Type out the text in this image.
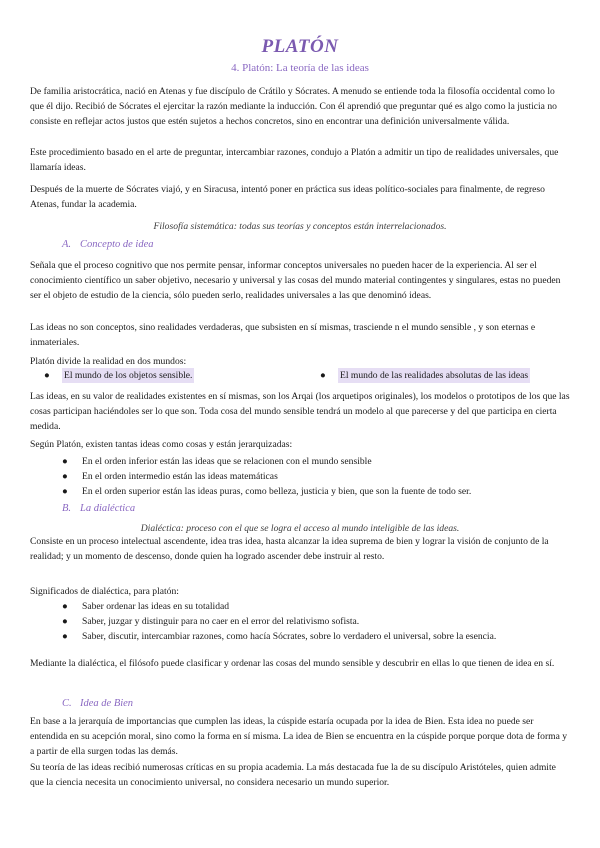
PLATÓN
4. Platón: La teoría de las ideas

De familia aristocrática, nació en Atenas y fue discípulo de Crátilo y Sócrates. A menudo se entiende toda la filosofía occidental como lo que él dijo. Recibió de Sócrates el ejercitar la razón mediante la inducción. Con él aprendió que preguntar qué es algo como la justicia no consiste en reflejar actos justos que estén sujetos a hechos concretos, sino en encontrar una definición universalmente válida.

Este procedimiento basado en el arte de preguntar, intercambiar razones, condujo a Platón a admitir un tipo de realidades universales, que llamaría ideas.

Después de la muerte de Sócrates viajó, y en Siracusa, intentó poner en práctica sus ideas político-sociales para finalmente, de regreso Atenas, fundar la academia.

Filosofía sistemática: todas sus teorías y conceptos están interrelacionados.
A. Concepto de idea

Señala que el proceso cognitivo que nos permite pensar, informar conceptos universales no pueden hacer de la experiencia. Al ser el conocimiento científico un saber objetivo, necesario y universal y las cosas del mundo material contingentes y singulares, estas no pueden ser el objeto de estudio de la ciencia, sólo pueden serlo, realidades universales a las que denominó ideas.

Las ideas no son conceptos, sino realidades verdaderas, que subsisten en sí mismas, trasciende n el mundo sensible , y son eternas e inmateriales.

Platón divide la realidad en dos mundos:

● El mundo de los objetos sensible.	● El mundo de las realidades absolutas de las ideas

Las ideas, en su valor de realidades existentes en sí mismas, son los Arqai (los arquetipos originales), los modelos o prototipos de los que las cosas participan haciéndoles ser lo que son. Toda cosa del mundo sensible tendrá un modelo al que parecerse y del que participa en cierta medida.

Según Platón, existen tantas ideas como cosas y están jerarquizadas:

● En el orden inferior están las ideas que se relacionen con el mundo sensible
● En el orden intermedio están las ideas matemáticas
● En el orden superior están las ideas puras, como belleza, justicia y bien, que son la fuente de todo ser.
B. La dialéctica
Dialéctica: proceso con el que se logra el acceso al mundo inteligible de las ideas.

Consiste en un proceso intelectual ascendente, idea tras idea, hasta alcanzar la idea suprema de bien y lograr la visión de conjunto de la realidad; y un momento de descenso, donde quien ha logrado ascender debe instruir al resto.

Significados de dialéctica, para platón:

● Saber ordenar las ideas en su totalidad
● Saber, juzgar y distinguir para no caer en el error del relativismo sofista.
● Saber, discutir, intercambiar razones, como hacía Sócrates, sobre lo verdadero el universal, sobre la esencia.

Mediante la dialéctica, el filósofo puede clasificar y ordenar las cosas del mundo sensible y descubrir en ellas lo que tienen de idea en sí.

C. Idea de Bien

En base a la jerarquía de importancias que cumplen las ideas, la cúspide estaría ocupada por la idea de Bien. Esta idea no puede ser entendida en su acepción moral, sino como la forma en sí misma. La idea de Bien se encuentra en la cúspide porque porque dota de forma y a partir de ella surgen todas las demás.

Su teoría de las ideas recibió numerosas críticas en su propia academia. La más destacada fue la de su discípulo Aristóteles, quien admite que la ciencia necesita un conocimiento universal, no considera necesario un mundo superior.
